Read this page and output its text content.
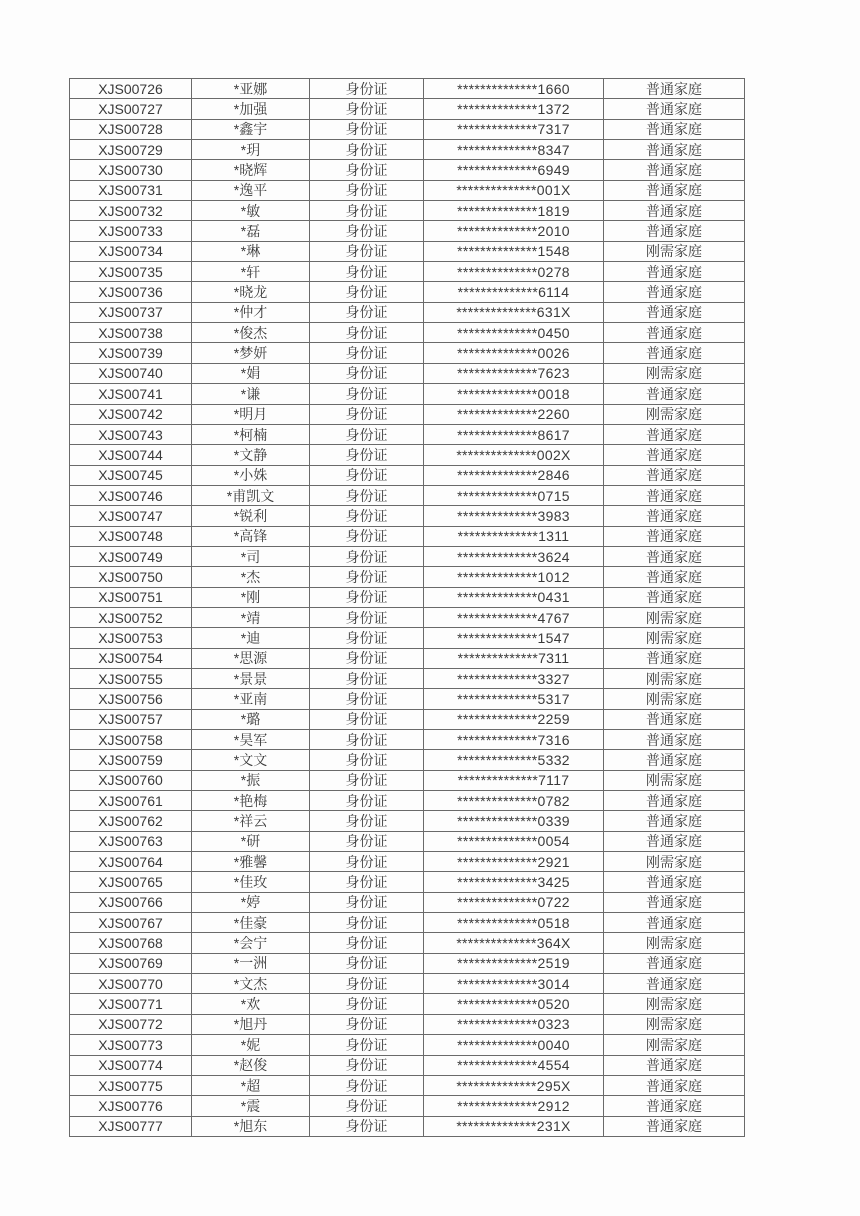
XJS00726	*亚娜	身份证	**************1660	普通家庭
XJS00727	*加强	身份证	**************1372	普通家庭
XJS00728	*鑫宇	身份证	**************7317	普通家庭
XJS00729	*玥	身份证	**************8347	普通家庭
XJS00730	*晓辉	身份证	**************6949	普通家庭
XJS00731	*逸平	身份证	**************001X	普通家庭
XJS00732	*敏	身份证	**************1819	普通家庭
XJS00733	*磊	身份证	**************2010	普通家庭
XJS00734	*琳	身份证	**************1548	刚需家庭
XJS00735	*轩	身份证	**************0278	普通家庭
XJS00736	*晓龙	身份证	**************6114	普通家庭
XJS00737	*仲才	身份证	**************631X	普通家庭
XJS00738	*俊杰	身份证	**************0450	普通家庭
XJS00739	*梦妍	身份证	**************0026	普通家庭
XJS00740	*娟	身份证	**************7623	刚需家庭
XJS00741	*谦	身份证	**************0018	普通家庭
XJS00742	*明月	身份证	**************2260	刚需家庭
XJS00743	*柯楠	身份证	**************8617	普通家庭
XJS00744	*文静	身份证	**************002X	普通家庭
XJS00745	*小姝	身份证	**************2846	普通家庭
XJS00746	*甫凯文	身份证	**************0715	普通家庭
XJS00747	*锐利	身份证	**************3983	普通家庭
XJS00748	*高锋	身份证	**************1311	普通家庭
XJS00749	*司	身份证	**************3624	普通家庭
XJS00750	*杰	身份证	**************1012	普通家庭
XJS00751	*刚	身份证	**************0431	普通家庭
XJS00752	*靖	身份证	**************4767	刚需家庭
XJS00753	*迪	身份证	**************1547	刚需家庭
XJS00754	*思源	身份证	**************7311	普通家庭
XJS00755	*景景	身份证	**************3327	刚需家庭
XJS00756	*亚南	身份证	**************5317	刚需家庭
XJS00757	*璐	身份证	**************2259	普通家庭
XJS00758	*昊军	身份证	**************7316	普通家庭
XJS00759	*文文	身份证	**************5332	普通家庭
XJS00760	*振	身份证	**************7117	刚需家庭
XJS00761	*艳梅	身份证	**************0782	普通家庭
XJS00762	*祥云	身份证	**************0339	普通家庭
XJS00763	*研	身份证	**************0054	普通家庭
XJS00764	*雅馨	身份证	**************2921	刚需家庭
XJS00765	*佳玫	身份证	**************3425	普通家庭
XJS00766	*婷	身份证	**************0722	普通家庭
XJS00767	*佳豪	身份证	**************0518	普通家庭
XJS00768	*会宁	身份证	**************364X	刚需家庭
XJS00769	*一洲	身份证	**************2519	普通家庭
XJS00770	*文杰	身份证	**************3014	普通家庭
XJS00771	*欢	身份证	**************0520	刚需家庭
XJS00772	*旭丹	身份证	**************0323	刚需家庭
XJS00773	*妮	身份证	**************0040	刚需家庭
XJS00774	*赵俊	身份证	**************4554	普通家庭
XJS00775	*超	身份证	**************295X	普通家庭
XJS00776	*震	身份证	**************2912	普通家庭
XJS00777	*旭东	身份证	**************231X	普通家庭
